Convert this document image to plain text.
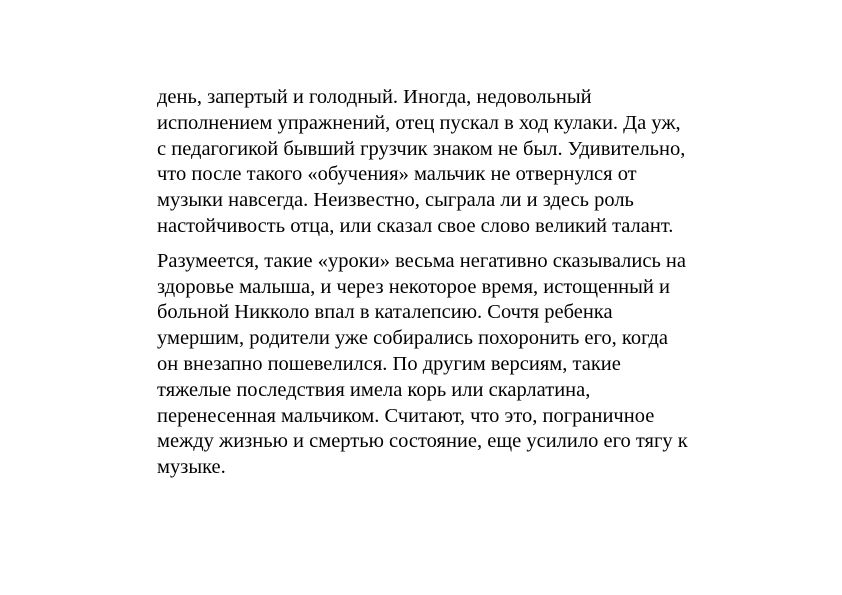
день, запертый и голодный. Иногда, недовольный
исполнением упражнений, отец пускал в ход кулаки. Да уж,
с педагогикой бывший грузчик знаком не был. Удивительно,
что после такого «обучения» мальчик не отвернулся от
музыки навсегда. Неизвестно, сыграла ли и здесь роль
настойчивость отца, или сказал свое слово великий талант.

Разумеется, такие «уроки» весьма негативно сказывались на
здоровье малыша, и через некоторое время, истощенный и
больной Никколо впал в каталепсию. Сочтя ребенка
умершим, родители уже собирались похоронить его, когда
он внезапно пошевелился. По другим версиям, такие
тяжелые последствия имела корь или скарлатина,
перенесенная мальчиком. Считают, что это, пограничное
между жизнью и смертью состояние, еще усилило его тягу к
музыке.
